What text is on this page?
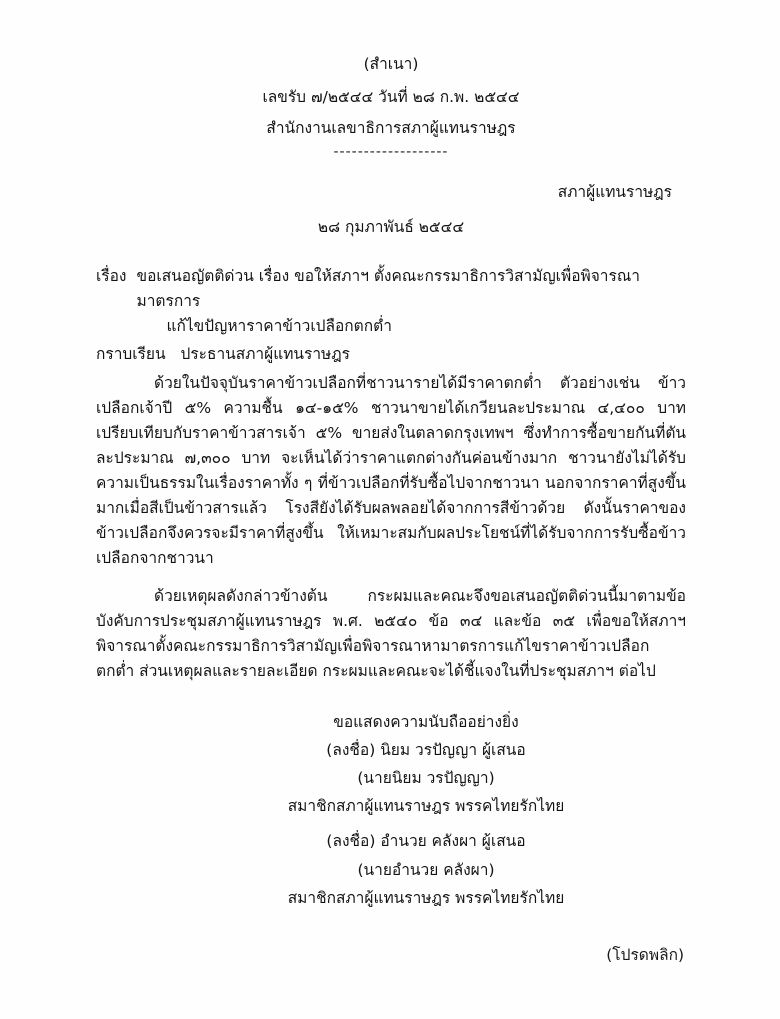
(สำเนา)
เลขรับ ๗/๒๕๔๔ วันที่ ๒๘ ก.พ. ๒๕๔๔
สำนักงานเลขาธิการสภาผู้แทนราษฎร
-------------------
สภาผู้แทนราษฎร
๒๘ กุมภาพันธ์ ๒๕๔๔
เรื่อง ขอเสนอญัตติด่วน เรื่อง ขอให้สภาฯ ตั้งคณะกรรมาธิการวิสามัญเพื่อพิจารณามาตรการ
แก้ไขปัญหาราคาข้าวเปลือกตกต่ำ
กราบเรียน ประธานสภาผู้แทนราษฎร

ด้วยในปัจจุบันราคาข้าวเปลือกที่ชาวนารายได้มีราคาตกต่ำ ตัวอย่างเช่น ข้าวเปลือกเจ้าปี ๕% ความชื้น ๑๔-๑๕% ชาวนาขายได้เกวียนละประมาณ ๔,๔๐๐ บาท เปรียบเทียบกับราคาข้าวสารเจ้า ๕% ขายส่งในตลาดกรุงเทพฯ ซึ่งทำการซื้อขายกันที่ตันละประมาณ ๗,๓๐๐ บาท จะเห็นได้ว่าราคาแตกต่างกันค่อนข้างมาก ชาวนายังไม่ได้รับความเป็นธรรมในเรื่องราคาทั้ง ๆ ที่ข้าวเปลือกที่รับซื้อไปจากชาวนา นอกจากราคาที่สูงขึ้นมากเมื่อสีเป็นข้าวสารแล้ว โรงสียังได้รับผลพลอยได้จากการสีข้าวด้วย ดังนั้นราคาของข้าวเปลือกจึงควรจะมีราคาที่สูงขึ้น ให้เหมาะสมกับผลประโยชน์ที่ได้รับจากการรับซื้อข้าวเปลือกจากชาวนา

ด้วยเหตุผลดังกล่าวข้างต้น กระผมและคณะจึงขอเสนอญัตติด่วนนี้มาตามข้อบังคับการประชุมสภาผู้แทนราษฎร พ.ศ. ๒๕๔๐ ข้อ ๓๔ และข้อ ๓๕ เพื่อขอให้สภาฯ พิจารณาตั้งคณะกรรมาธิการวิสามัญเพื่อพิจารณาหามาตรการแก้ไขราคาข้าวเปลือกตกต่ำ ส่วนเหตุผลและรายละเอียด กระผมและคณะจะได้ชี้แจงในที่ประชุมสภาฯ ต่อไป

ขอแสดงความนับถืออย่างยิ่ง
(ลงชื่อ) นิยม วรปัญญา ผู้เสนอ
(นายนิยม วรปัญญา)
สมาชิกสภาผู้แทนราษฎร พรรคไทยรักไทย
(ลงชื่อ) อำนวย คลังผา ผู้เสนอ
(นายอำนวย คลังผา)
สมาชิกสภาผู้แทนราษฎร พรรคไทยรักไทย
(โปรดพลิก)
